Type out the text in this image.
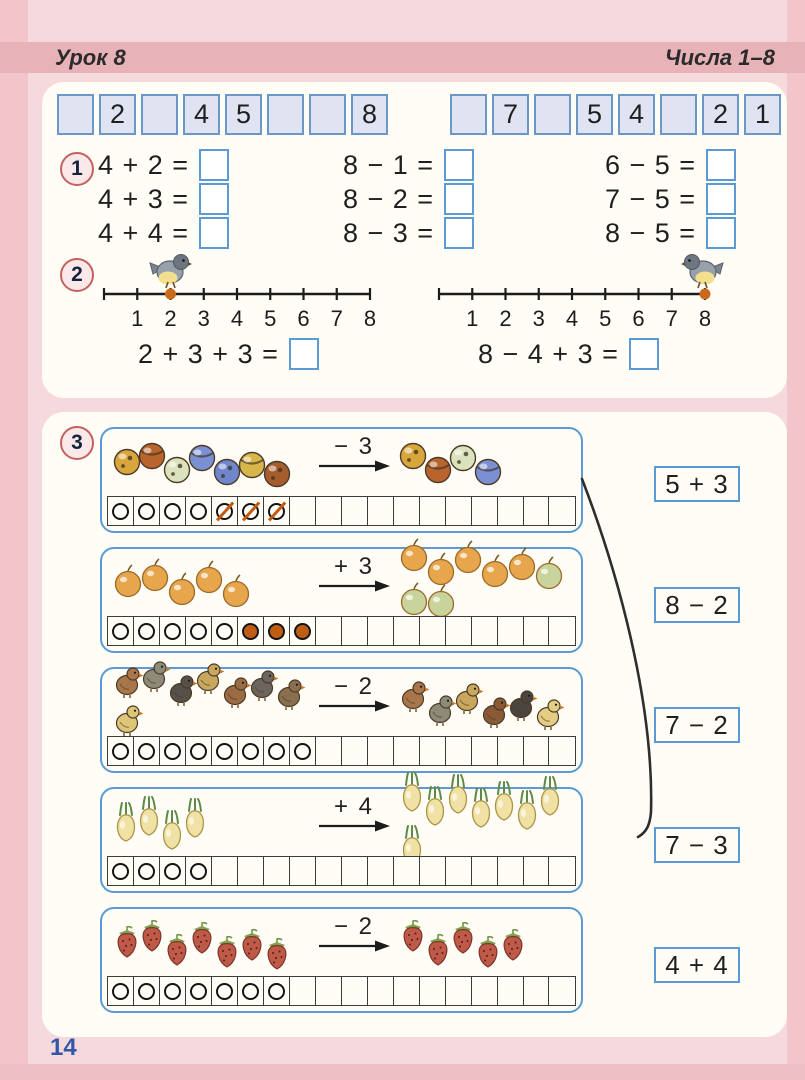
Урок 8	Числа 1–8
2	4 5	8	7	5 4	2 1
1 4 + 2 =	8 − 1 =	6 − 5 =
4 + 3 =	8 − 2 =	7 − 5 =
4 + 4 =	8 − 3 =	8 − 5 =
2
1 2 3 4 5 6 7 8	1 2 3 4 5 6 7 8
2 + 3 + 3 =	8 − 4 + 3 =
3	− 3
+ 3
− 2
+ 4
− 2
5 + 3
8 − 2
7 − 2
7 − 3
4 + 4
14
